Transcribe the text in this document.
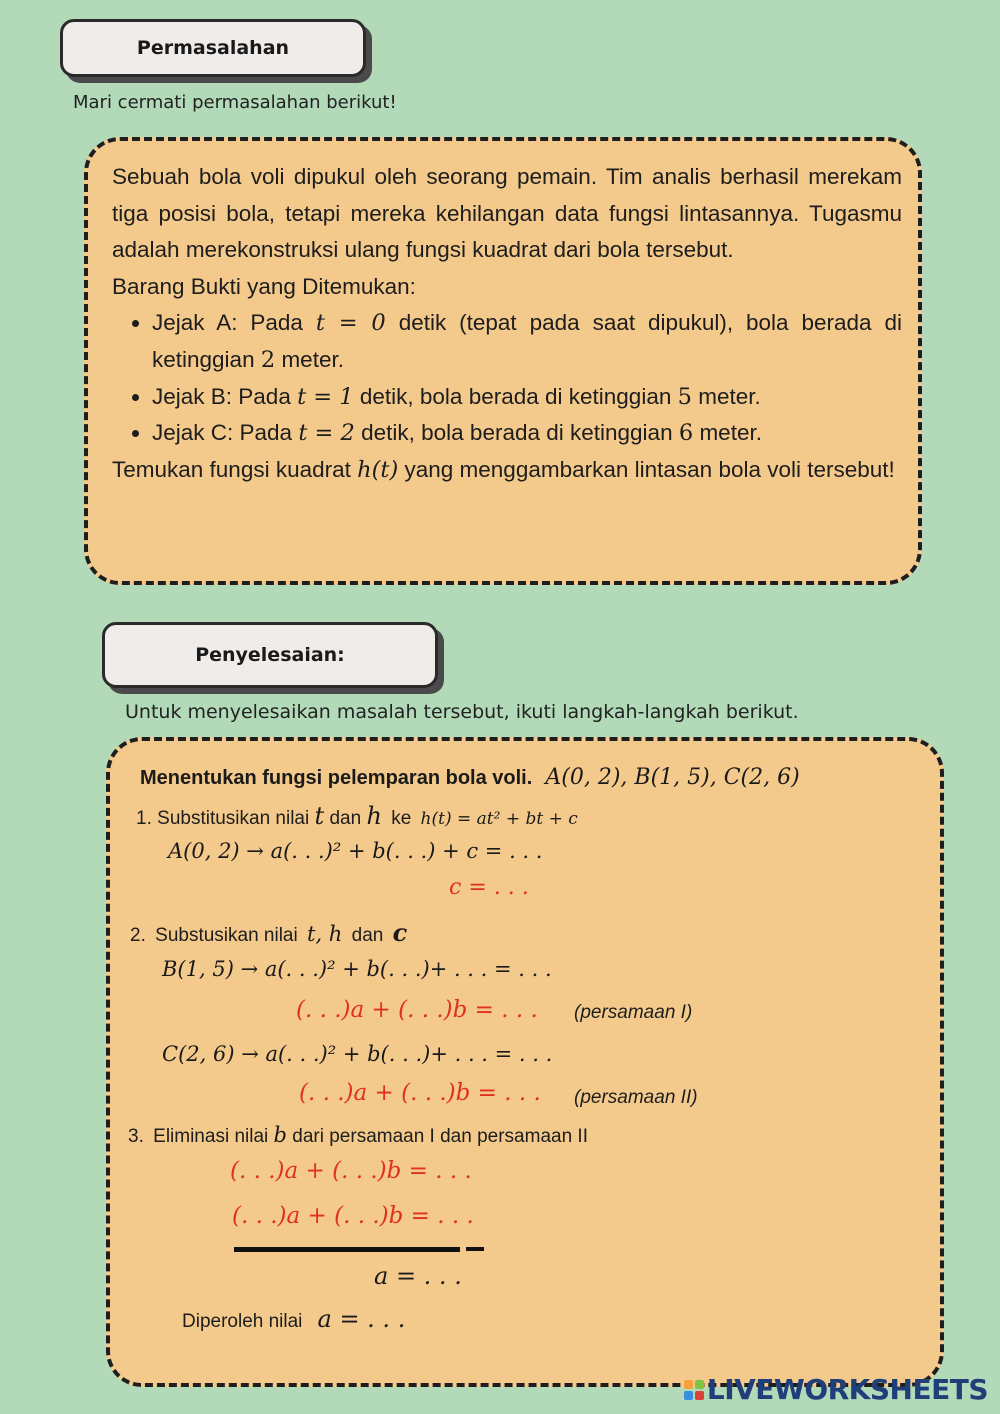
Permasalahan
Mari cermati permasalahan berikut!
Sebuah bola voli dipukul oleh seorang pemain. Tim analis berhasil merekam tiga posisi bola, tetapi mereka kehilangan data fungsi lintasannya. Tugasmu adalah merekonstruksi ulang fungsi kuadrat dari bola tersebut.
Barang Bukti yang Ditemukan:
• Jejak A: Pada t = 0 detik (tepat pada saat dipukul), bola berada di ketinggian 2 meter.
• Jejak B: Pada t = 1 detik, bola berada di ketinggian 5 meter.
• Jejak C: Pada t = 2 detik, bola berada di ketinggian 6 meter.
Temukan fungsi kuadrat h(t) yang menggambarkan lintasan bola voli tersebut!
Penyelesaian:
Untuk menyelesaikan masalah tersebut, ikuti langkah-langkah berikut.
Menentukan fungsi pelemparan bola voli. A(0, 2), B(1, 5), C(2, 6)
1. Substitusikan nilai t dan h ke h(t) = at² + bt + c
A(0, 2) → a(. . .)² + b(. . .) + c = . . .
c = . . .
2. Substusikan nilai t, h dan c
B(1, 5) → a(. . .)² + b(. . .)+ . . . = . . .
(. . .)a + (. . .)b = . . . (persamaan I)
C(2, 6) → a(. . .)² + b(. . .)+ . . . = . . .
(. . .)a + (. . .)b = . . . (persamaan II)
3. Eliminasi nilai b dari persamaan I dan persamaan II
(. . .)a + (. . .)b = . . .
(. . .)a + (. . .)b = . . .
a = . . .
Diperoleh nilai a = . . .
LIVEWORKSHEETS
